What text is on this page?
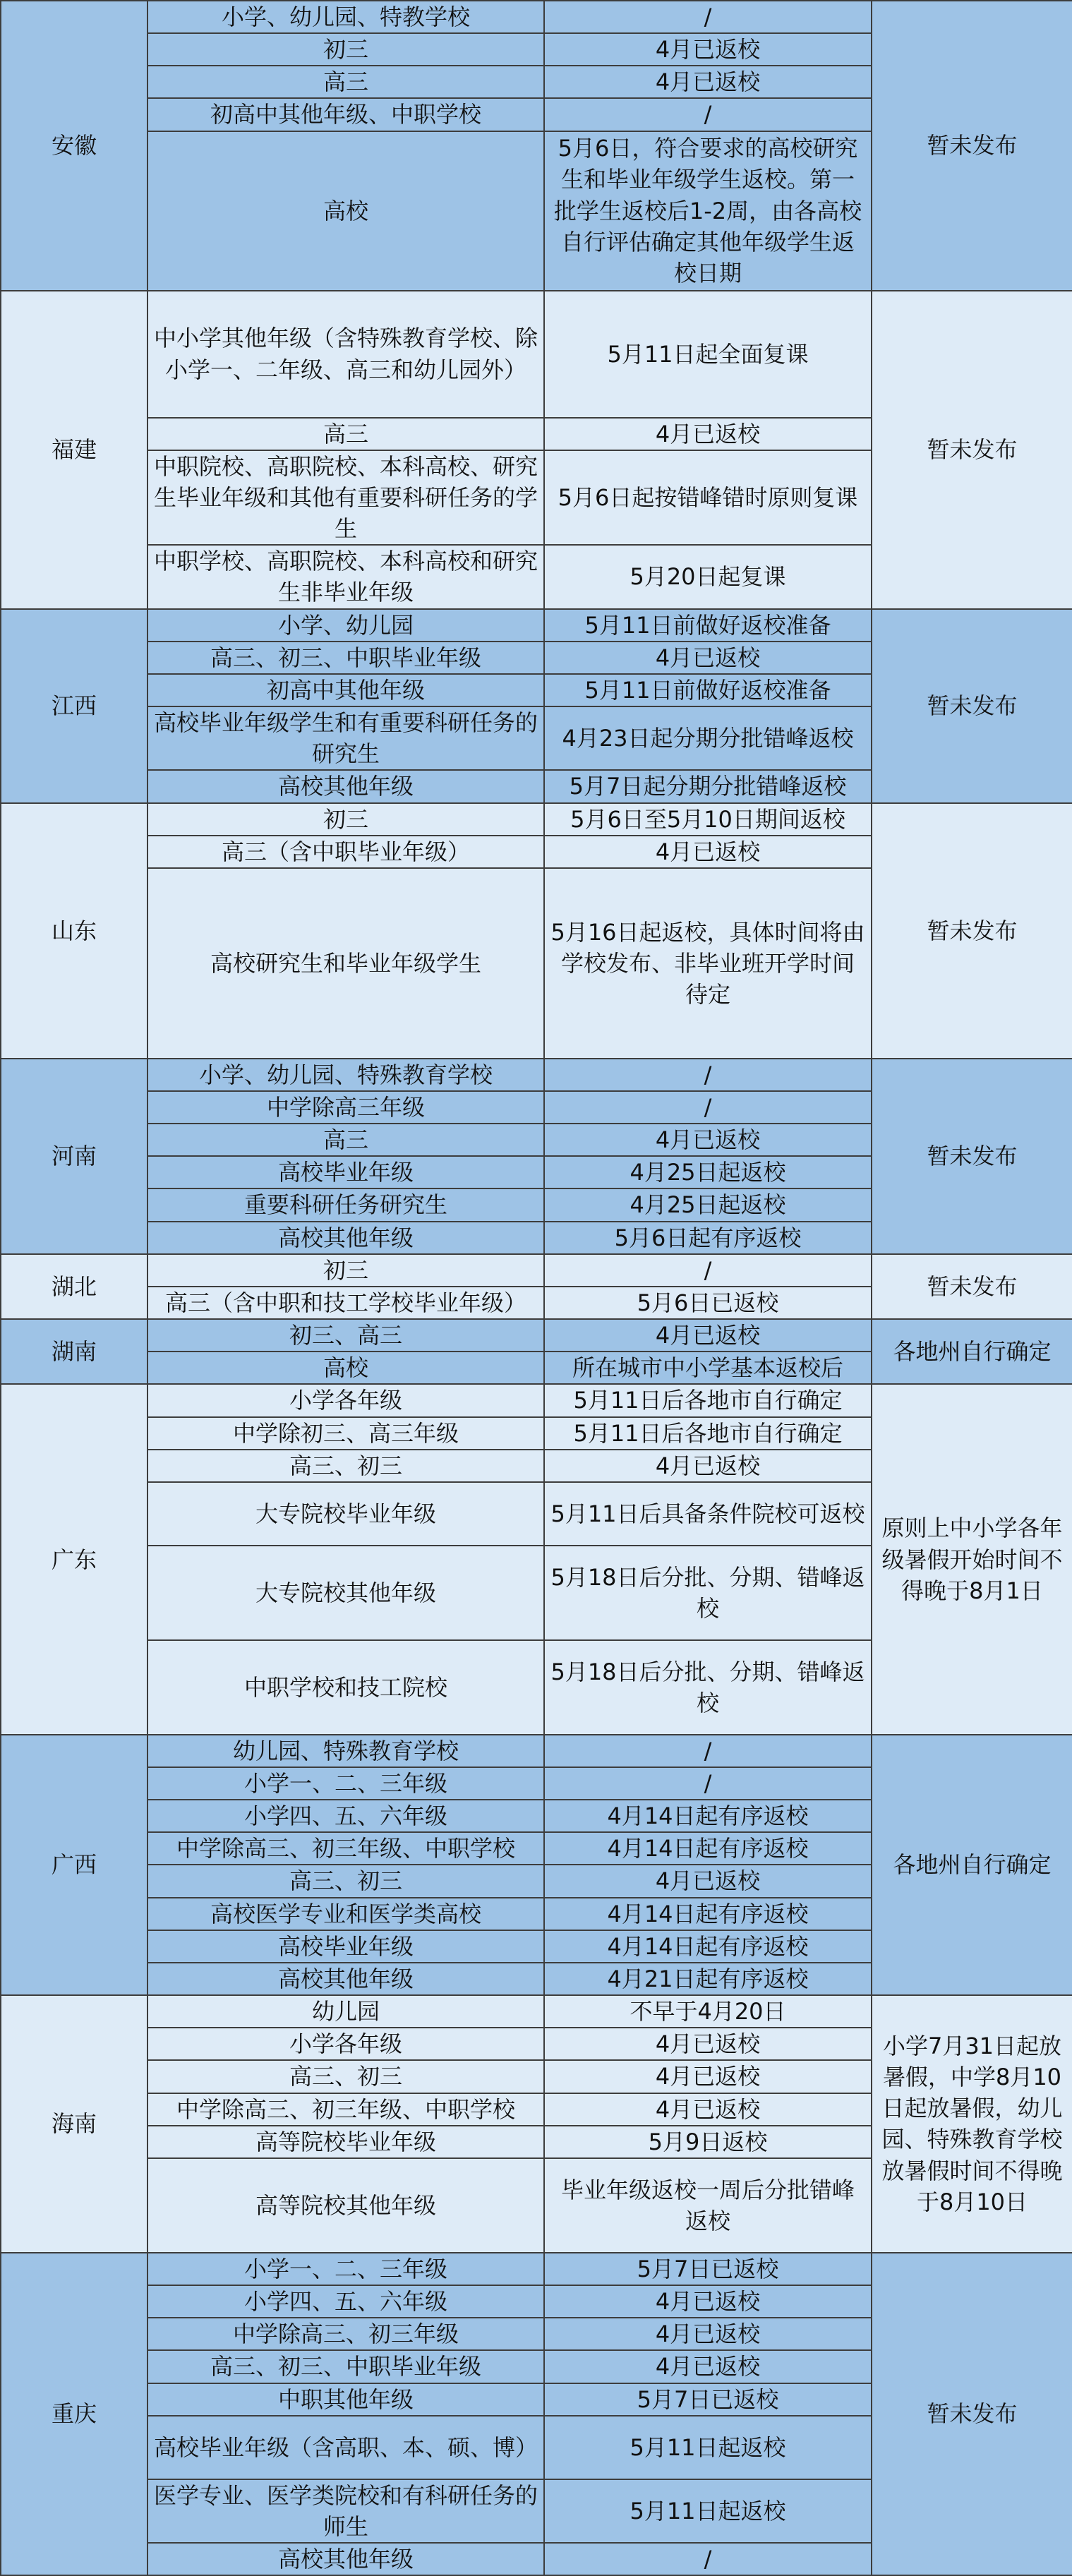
安徽	小学、幼儿园、特教学校	/	暂未发布
	初三	4月已返校	
	高三	4月已返校	
	初高中其他年级、中职学校	/	
	高校	5月6日，符合要求的高校研究生和毕业年级学生返校。第一批学生返校后1-2周，由各高校自行评估确定其他年级学生返校日期	
福建	中小学其他年级（含特殊教育学校、除小学一、二年级、高三和幼儿园外）	5月11日起全面复课	暂未发布
	高三	4月已返校	
	中职院校、高职院校、本科高校、研究生毕业年级和其他有重要科研任务的学生	5月6日起按错峰错时原则复课	
	中职学校、高职院校、本科高校和研究生非毕业年级	5月20日起复课	
江西	小学、幼儿园	5月11日前做好返校准备	暂未发布
	高三、初三、中职毕业年级	4月已返校	
	初高中其他年级	5月11日前做好返校准备	
	高校毕业年级学生和有重要科研任务的研究生	4月23日起分期分批错峰返校	
	高校其他年级	5月7日起分期分批错峰返校	
山东	初三	5月6日至5月10日期间返校	暂未发布
	高三（含中职毕业年级）	4月已返校	
	高校研究生和毕业年级学生	5月16日起返校，具体时间将由学校发布、非毕业班开学时间待定	
河南	小学、幼儿园、特殊教育学校	/	暂未发布
	中学除高三年级	/	
	高三	4月已返校	
	高校毕业年级	4月25日起返校	
	重要科研任务研究生	4月25日起返校	
	高校其他年级	5月6日起有序返校	
湖北	初三	/	暂未发布
	高三（含中职和技工学校毕业年级）	5月6日已返校	
湖南	初三、高三	4月已返校	各地州自行确定
	高校	所在城市中小学基本返校后	
广东	小学各年级	5月11日后各地市自行确定	原则上中小学各年级暑假开始时间不得晚于8月1日
	中学除初三、高三年级	5月11日后各地市自行确定	
	高三、初三	4月已返校	
	大专院校毕业年级	5月11日后具备条件院校可返校	
	大专院校其他年级	5月18日后分批、分期、错峰返校	
	中职学校和技工院校	5月18日后分批、分期、错峰返校	
广西	幼儿园、特殊教育学校	/	各地州自行确定
	小学一、二、三年级	/	
	小学四、五、六年级	4月14日起有序返校	
	中学除高三、初三年级、中职学校	4月14日起有序返校	
	高三、初三	4月已返校	
	高校医学专业和医学类高校	4月14日起有序返校	
	高校毕业年级	4月14日起有序返校	
	高校其他年级	4月21日起有序返校	
海南	幼儿园	不早于4月20日	小学7月31日起放暑假，中学8月10日起放暑假，幼儿园、特殊教育学校放暑假时间不得晚于8月10日
	小学各年级	4月已返校	
	高三、初三	4月已返校	
	中学除高三、初三年级、中职学校	4月已返校	
	高等院校毕业年级	5月9日返校	
	高等院校其他年级	毕业年级返校一周后分批错峰返校	
重庆	小学一、二、三年级	5月7日已返校	暂未发布
	小学四、五、六年级	4月已返校	
	中学除高三、初三年级	4月已返校	
	高三、初三、中职毕业年级	4月已返校	
	中职其他年级	5月7日已返校	
	高校毕业年级（含高职、本、硕、博）	5月11日起返校	
	医学专业、医学类院校和有科研任务的师生	5月11日起返校	
	高校其他年级	/	
